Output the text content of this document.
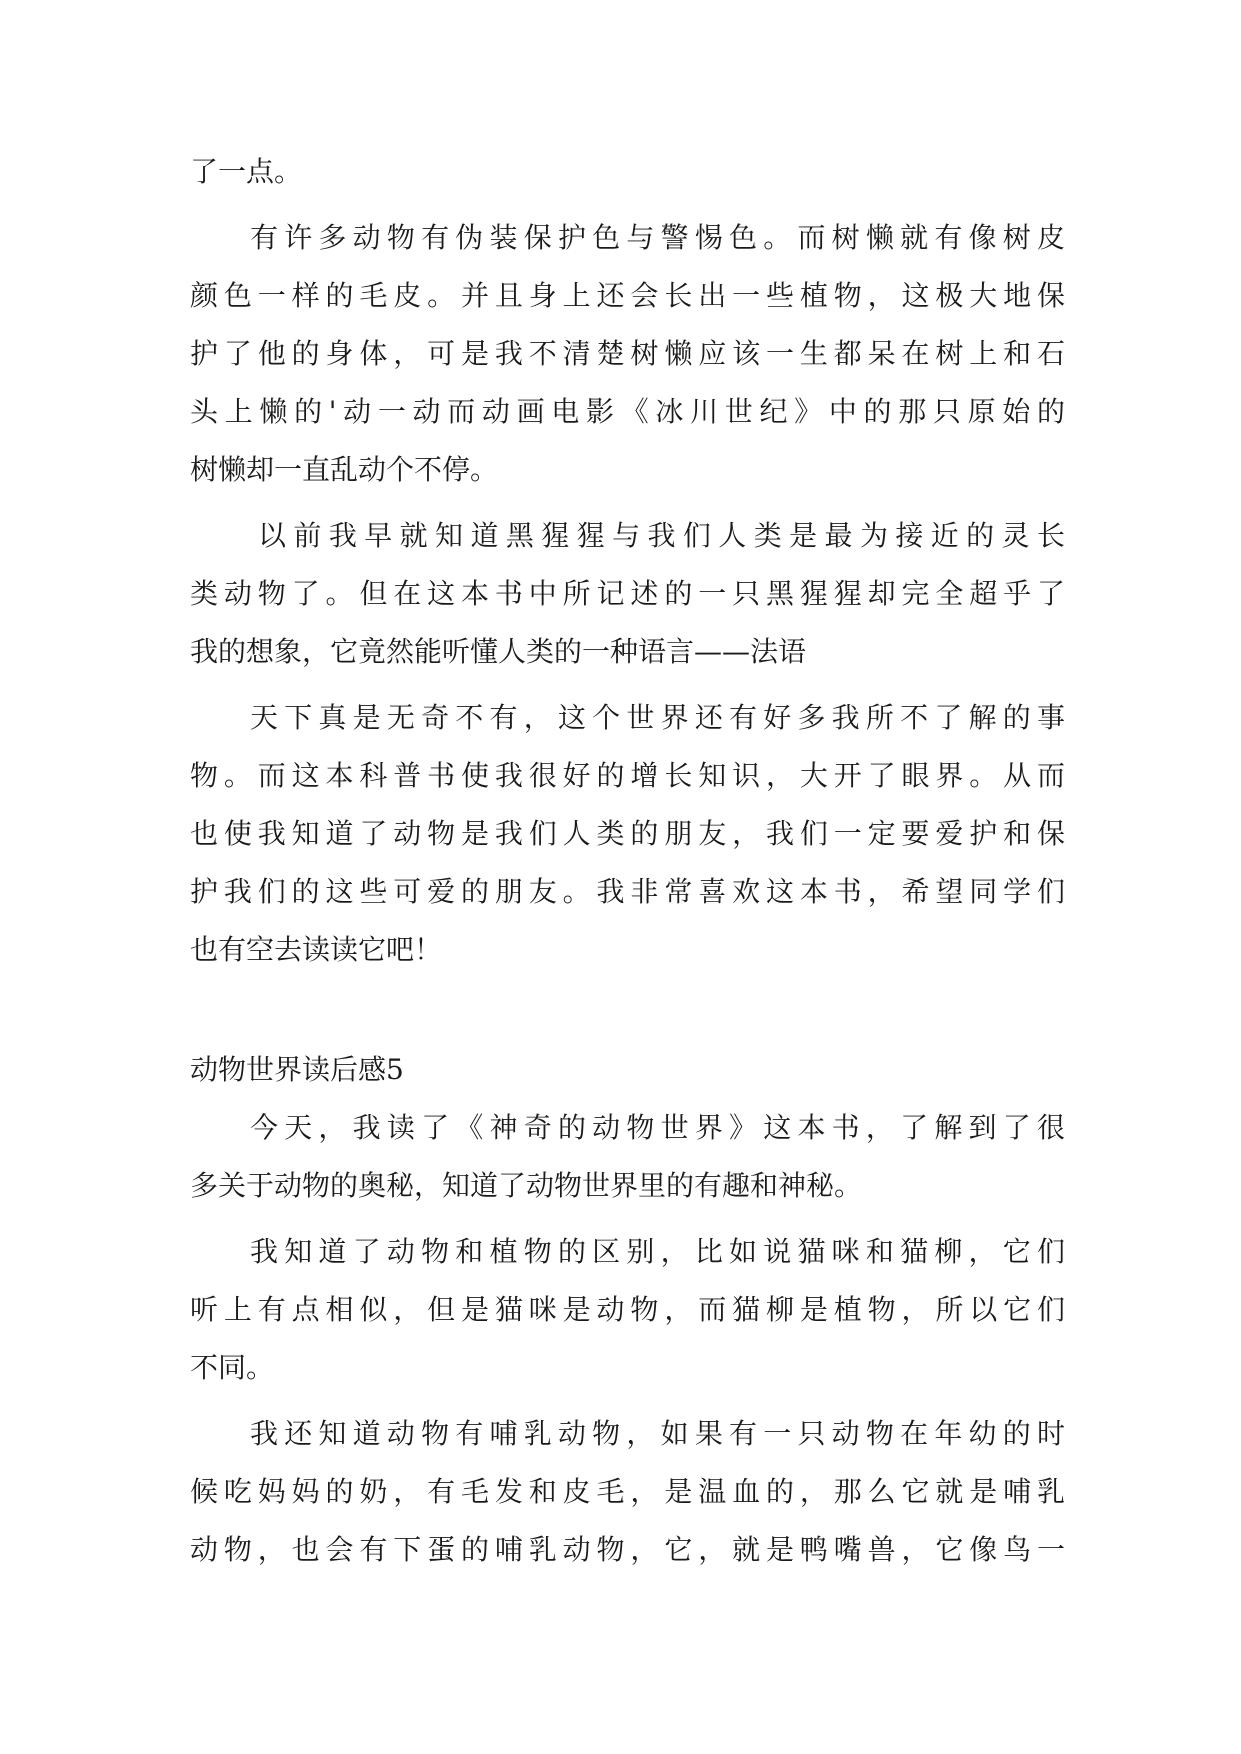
了一点。
有许多动物有伪装保护色与警惕色。而树懒就有像树皮
颜色一样的毛皮。并且身上还会长出一些植物，这极大地保
护了他的身体，可是我不清楚树懒应该一生都呆在树上和石
头上懒的'动一动而动画电影《冰川世纪》中的那只原始的
树懒却一直乱动个不停。
以前我早就知道黑猩猩与我们人类是最为接近的灵长
类动物了。但在这本书中所记述的一只黑猩猩却完全超乎了
我的想象，它竟然能听懂人类的一种语言——法语
天下真是无奇不有，这个世界还有好多我所不了解的事
物。而这本科普书使我很好的增长知识，大开了眼界。从而
也使我知道了动物是我们人类的朋友，我们一定要爱护和保
护我们的这些可爱的朋友。我非常喜欢这本书，希望同学们
也有空去读读它吧！
动物世界读后感5
今天，我读了《神奇的动物世界》这本书，了解到了很
多关于动物的奥秘，知道了动物世界里的有趣和神秘。
我知道了动物和植物的区别，比如说猫咪和猫柳，它们
听上有点相似，但是猫咪是动物，而猫柳是植物，所以它们
不同。
我还知道动物有哺乳动物，如果有一只动物在年幼的时
候吃妈妈的奶，有毛发和皮毛，是温血的，那么它就是哺乳
动物，也会有下蛋的哺乳动物，它，就是鸭嘴兽，它像鸟一
